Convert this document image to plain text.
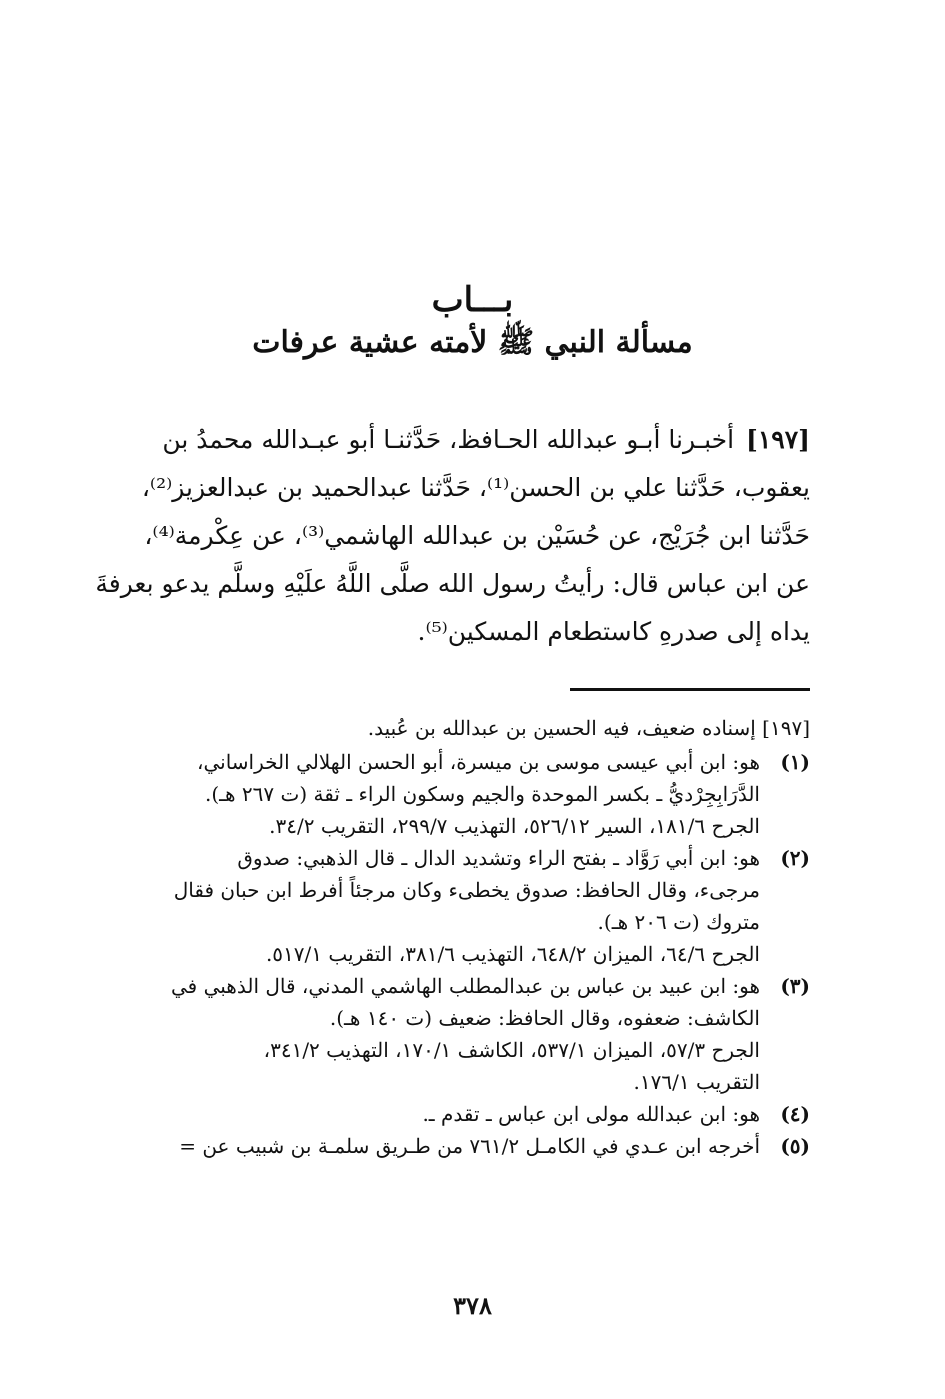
بـــاب
مسألة النبي ﷺ لأمته عشية عرفات
[١٩٧]أخبـرنا أبـو عبدالله الحـافظ، حَدَّثنـا أبو عبـدالله محمدُ بن
يعقوب، حَدَّثنا علي بن الحسن⁽¹⁾، حَدَّثنا عبدالحميد بن عبدالعزيز⁽²⁾،
حَدَّثنا ابن جُرَيْج، عن حُسَيْن بن عبدالله الهاشمي⁽³⁾، عن عِكْرمة⁽⁴⁾،
عن ابن عباس قال: رأيتُ رسول الله صلَّى اللَّهُ علَيْهِ وسلَّم يدعو بعرفةَ
يداه إلى صدرهِ كاستطعام المسكين⁽⁵⁾.
[١٩٧] إسناده ضعيف، فيه الحسين بن عبدالله بن عُبيد.
(١)
هو: ابن أبي عيسى موسى بن ميسرة، أبو الحسن الهلالي الخراساني،
الدَّرَابِجِرْديُّ ـ بكسر الموحدة والجيم وسكون الراء ـ ثقة (ت ٢٦٧ هـ).
الجرح ١٨١/٦، السير ٥٢٦/١٢، التهذيب ٢٩٩/٧، التقريب ٣٤/٢.
(٢)
هو: ابن أبي رَوَّاد ـ بفتح الراء وتشديد الدال ـ قال الذهبي: صدوق
مرجىء، وقال الحافظ: صدوق يخطىء وكان مرجئاً أفرط ابن حبان فقال
متروك (ت ٢٠٦ هـ).
الجرح ٦٤/٦، الميزان ٦٤٨/٢، التهذيب ٣٨١/٦، التقريب ٥١٧/١.
(٣)
هو: ابن عبيد بن عباس بن عبدالمطلب الهاشمي المدني، قال الذهبي في
الكاشف: ضعفوه، وقال الحافظ: ضعيف (ت ١٤٠ هـ).
الجرح ٥٧/٣، الميزان ٥٣٧/١، الكاشف ١٧٠/١، التهذيب ٣٤١/٢،
التقريب ١٧٦/١.
(٤)
هو: ابن عبدالله مولى ابن عباس ـ تقدم ـ.
(٥)
أخرجه ابن عـدي في الكامـل ٧٦١/٢ من طـريق سلمـة بن شبيب عن =
٣٧٨
